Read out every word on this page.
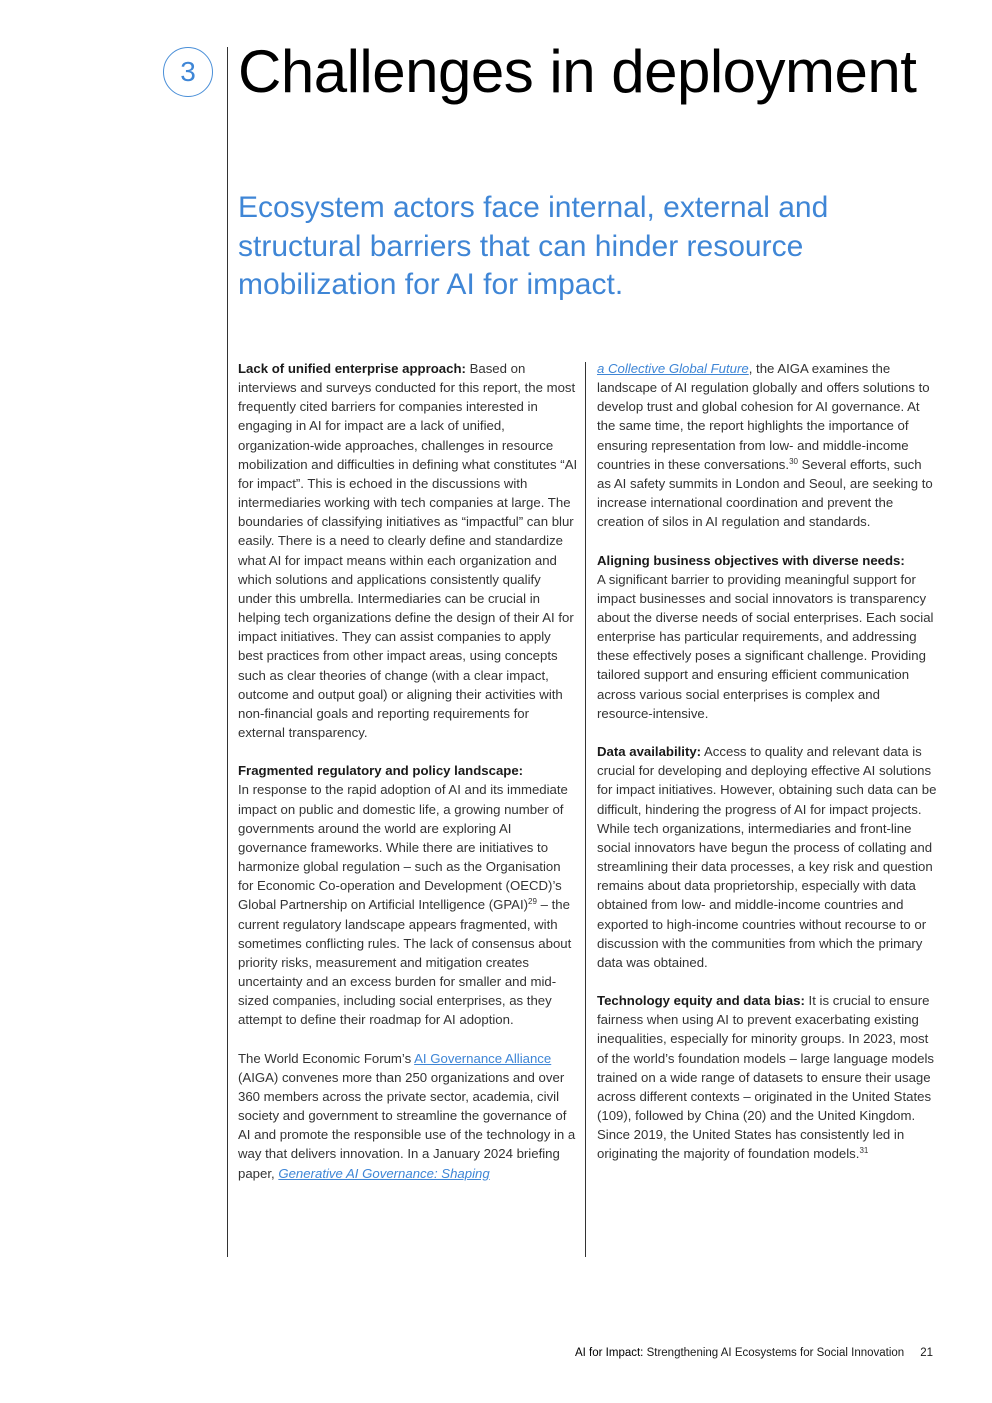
3 Challenges in deployment
Ecosystem actors face internal, external and structural barriers that can hinder resource mobilization for AI for impact.

Lack of unified enterprise approach: Based on interviews and surveys conducted for this report, the most frequently cited barriers for companies interested in engaging in AI for impact are a lack of unified, organization-wide approaches, challenges in resource mobilization and difficulties in defining what constitutes “AI for impact”. This is echoed in the discussions with intermediaries working with tech companies at large. The boundaries of classifying initiatives as “impactful” can blur easily. There is a need to clearly define and standardize what AI for impact means within each organization and which solutions and applications consistently qualify under this umbrella. Intermediaries can be crucial in helping tech organizations define the design of their AI for impact initiatives. They can assist companies to apply best practices from other impact areas, using concepts such as clear theories of change (with a clear impact, outcome and output goal) or aligning their activities with non-financial goals and reporting requirements for external transparency.

Fragmented regulatory and policy landscape:
In response to the rapid adoption of AI and its immediate impact on public and domestic life, a growing number of governments around the world are exploring AI governance frameworks. While there are initiatives to harmonize global regulation – such as the Organisation for Economic Co-operation and Development (OECD)’s Global Partnership on Artificial Intelligence (GPAI)$^{29}$ – the current regulatory landscape appears fragmented, with sometimes conflicting rules. The lack of consensus about priority risks, measurement and mitigation creates uncertainty and an excess burden for smaller and mid-sized companies, including social enterprises, as they attempt to define their roadmap for AI adoption.

The World Economic Forum’s AI Governance Alliance (AIGA) convenes more than 250 organizations and over 360 members across the private sector, academia, civil society and government to streamline the governance of AI and promote the responsible use of the technology in a way that delivers innovation. In a January 2024 briefing paper, Generative AI Governance: Shaping

a Collective Global Future, the AIGA examines the landscape of AI regulation globally and offers solutions to develop trust and global cohesion for AI governance. At the same time, the report highlights the importance of ensuring representation from low- and middle-income countries in these conversations.$^{30}$ Several efforts, such as AI safety summits in London and Seoul, are seeking to increase international coordination and prevent the creation of silos in AI regulation and standards.

Aligning business objectives with diverse needs:
A significant barrier to providing meaningful support for impact businesses and social innovators is transparency about the diverse needs of social enterprises. Each social enterprise has particular requirements, and addressing these effectively poses a significant challenge. Providing tailored support and ensuring efficient communication across various social enterprises is complex and resource-intensive.

Data availability: Access to quality and relevant data is crucial for developing and deploying effective AI solutions for impact initiatives. However, obtaining such data can be difficult, hindering the progress of AI for impact projects. While tech organizations, intermediaries and front-line social innovators have begun the process of collating and streamlining their data processes, a key risk and question remains about data proprietorship, especially with data obtained from low- and middle-income countries and exported to high-income countries without recourse to or discussion with the communities from which the primary data was obtained.

Technology equity and data bias: It is crucial to ensure fairness when using AI to prevent exacerbating existing inequalities, especially for minority groups. In 2023, most of the world’s foundation models – large language models trained on a wide range of datasets to ensure their usage across different contexts – originated in the United States (109), followed by China (20) and the United Kingdom. Since 2019, the United States has consistently led in originating the majority of foundation models.$^{31}$

AI for Impact: Strengthening AI Ecosystems for Social Innovation 21
